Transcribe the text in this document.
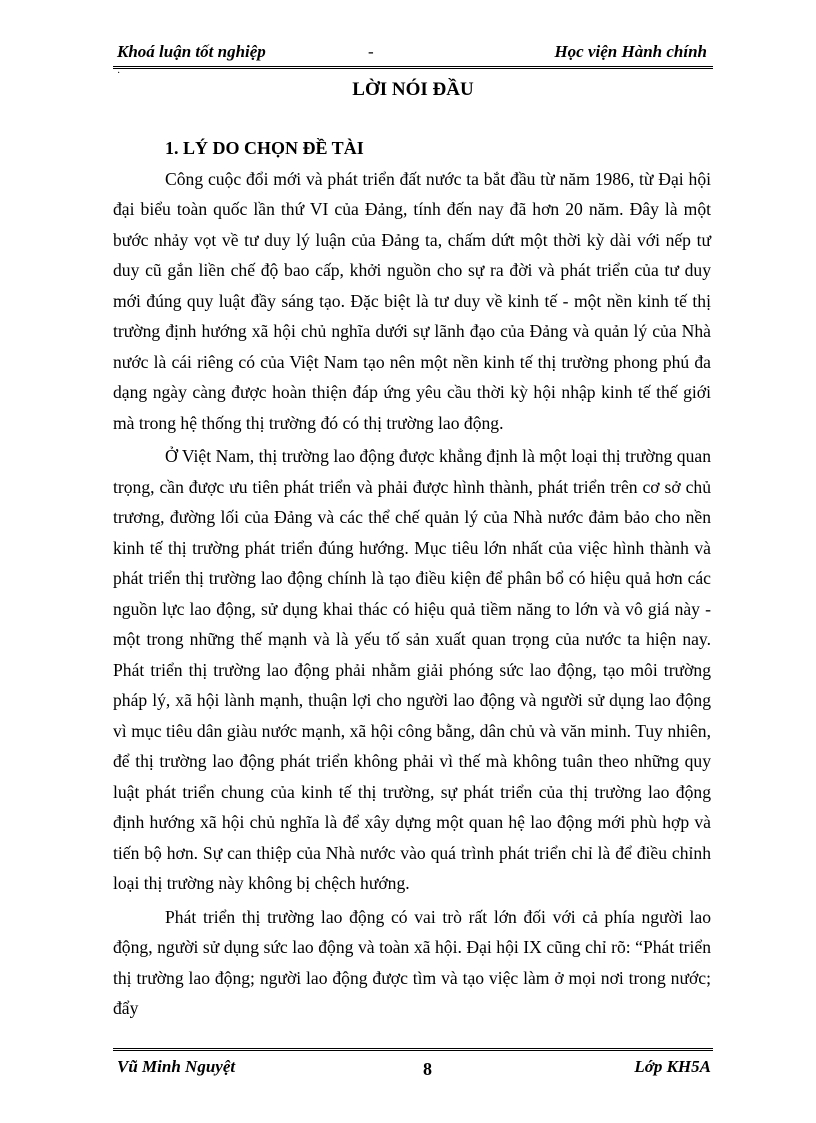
Khoá luận tốt nghiệp	-	Học viện Hành chính
·
LỜI NÓI ĐẦU
1. LÝ DO CHỌN ĐỀ TÀI

Công cuộc đổi mới và phát triển đất nước ta bắt đầu từ năm 1986, từ Đại hội đại biểu toàn quốc lần thứ VI của Đảng, tính đến nay đã hơn 20 năm. Đây là một bước nhảy vọt về tư duy lý luận của Đảng ta, chấm dứt một thời kỳ dài với nếp tư duy cũ gắn liền chế độ bao cấp, khởi nguồn cho sự ra đời và phát triển của tư duy mới đúng quy luật đầy sáng tạo. Đặc biệt là tư duy về kinh tế - một nền kinh tế thị trường định hướng xã hội chủ nghĩa dưới sự lãnh đạo của Đảng và quản lý của Nhà nước là cái riêng có của Việt Nam tạo nên một nền kinh tế thị trường phong phú đa dạng ngày càng được hoàn thiện đáp ứng yêu cầu thời kỳ hội nhập kinh tế thế giới mà trong hệ thống thị trường đó có thị trường lao động.

Ở Việt Nam, thị trường lao động được khẳng định là một loại thị trường quan trọng, cần được ưu tiên phát triển và phải được hình thành, phát triển trên cơ sở chủ trương, đường lối của Đảng và các thể chế quản lý của Nhà nước đảm bảo cho nền kinh tế thị trường phát triển đúng hướng. Mục tiêu lớn nhất của việc hình thành và phát triển thị trường lao động chính là tạo điều kiện để phân bổ có hiệu quả hơn các nguồn lực lao động, sử dụng khai thác có hiệu quả tiềm năng to lớn và vô giá này - một trong những thế mạnh và là yếu tố sản xuất quan trọng của nước ta hiện nay. Phát triển thị trường lao động phải nhằm giải phóng sức lao động, tạo môi trường pháp lý, xã hội lành mạnh, thuận lợi cho người lao động và người sử dụng lao động vì mục tiêu dân giàu nước mạnh, xã hội công bằng, dân chủ và văn minh. Tuy nhiên, để thị trường lao động phát triển không phải vì thế mà không tuân theo những quy luật phát triển chung của kinh tế thị trường, sự phát triển của thị trường lao động định hướng xã hội chủ nghĩa là để xây dựng một quan hệ lao động mới phù hợp và tiến bộ hơn. Sự can thiệp của Nhà nước vào quá trình phát triển chỉ là để điều chỉnh loại thị trường này không bị chệch hướng.

Phát triển thị trường lao động có vai trò rất lớn đối với cả phía người lao động, người sử dụng sức lao động và toàn xã hội. Đại hội IX cũng chỉ rõ: “Phát triển thị trường lao động; người lao động được tìm và tạo việc làm ở mọi nơi trong nước; đẩy

Vũ Minh Nguyệt	8	Lớp KH5A
